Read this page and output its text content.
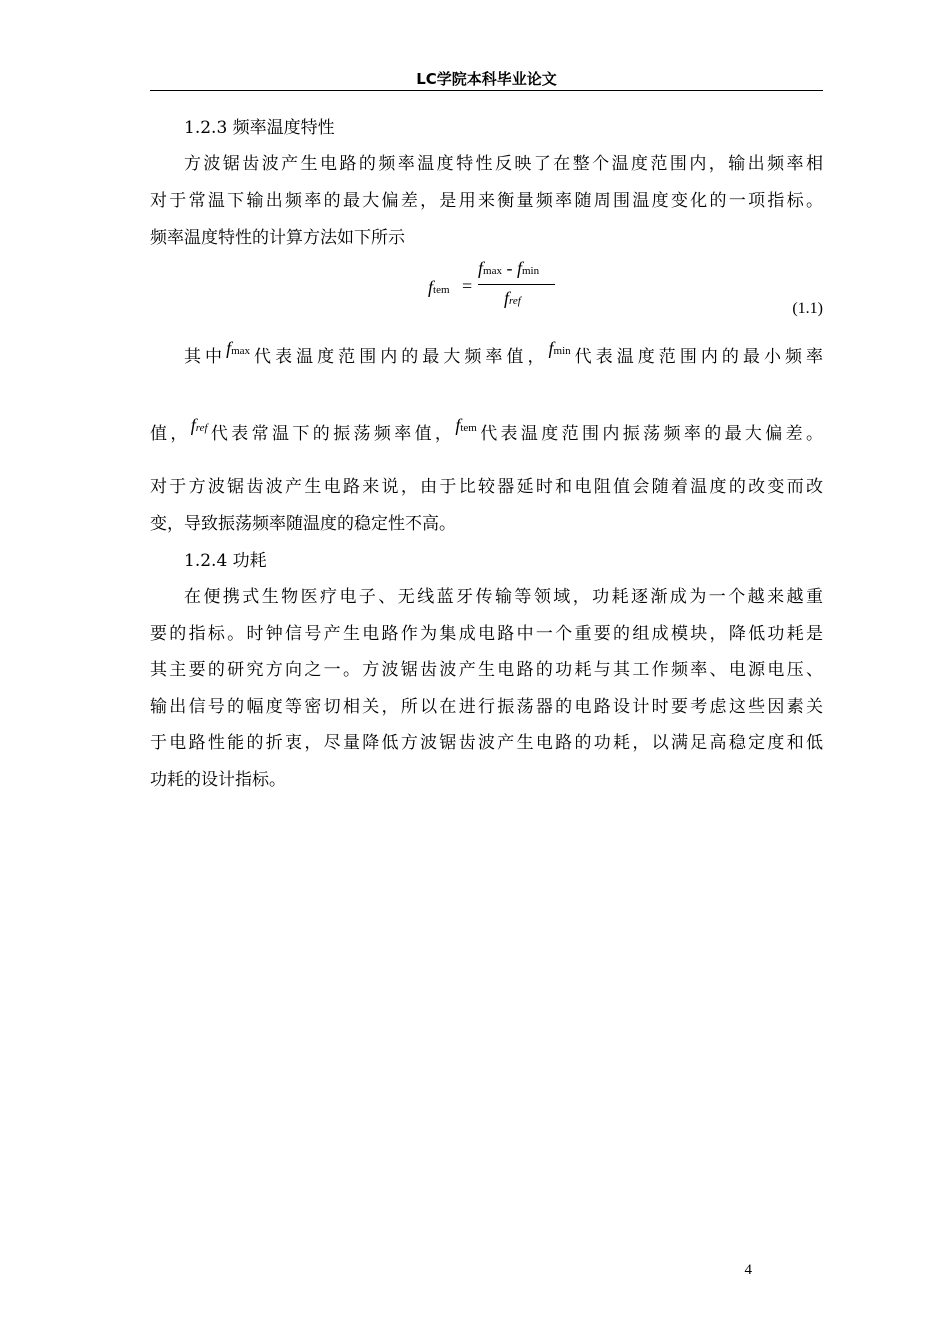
LC学院本科毕业论文
1.2.3 频率温度特性
方波锯齿波产生电路的频率温度特性反映了在整个温度范围内，输出频率相
对于常温下输出频率的最大偏差，是用来衡量频率随周围温度变化的一项指标。
频率温度特性的计算方法如下所示
ftem =
fmax - fmin
fref	(1.1)
其中fmax代表温度范围内的最大频率值，fmin代表温度范围内的最小频率
值，fref代表常温下的振荡频率值，ftem代表温度范围内振荡频率的最大偏差。
对于方波锯齿波产生电路来说，由于比较器延时和电阻值会随着温度的改变而改
变，导致振荡频率随温度的稳定性不高。
1.2.4 功耗
在便携式生物医疗电子、无线蓝牙传输等领域，功耗逐渐成为一个越来越重
要的指标。时钟信号产生电路作为集成电路中一个重要的组成模块，降低功耗是
其主要的研究方向之一。方波锯齿波产生电路的功耗与其工作频率、电源电压、
输出信号的幅度等密切相关，所以在进行振荡器的电路设计时要考虑这些因素关
于电路性能的折衷，尽量降低方波锯齿波产生电路的功耗，以满足高稳定度和低
功耗的设计指标。
4
